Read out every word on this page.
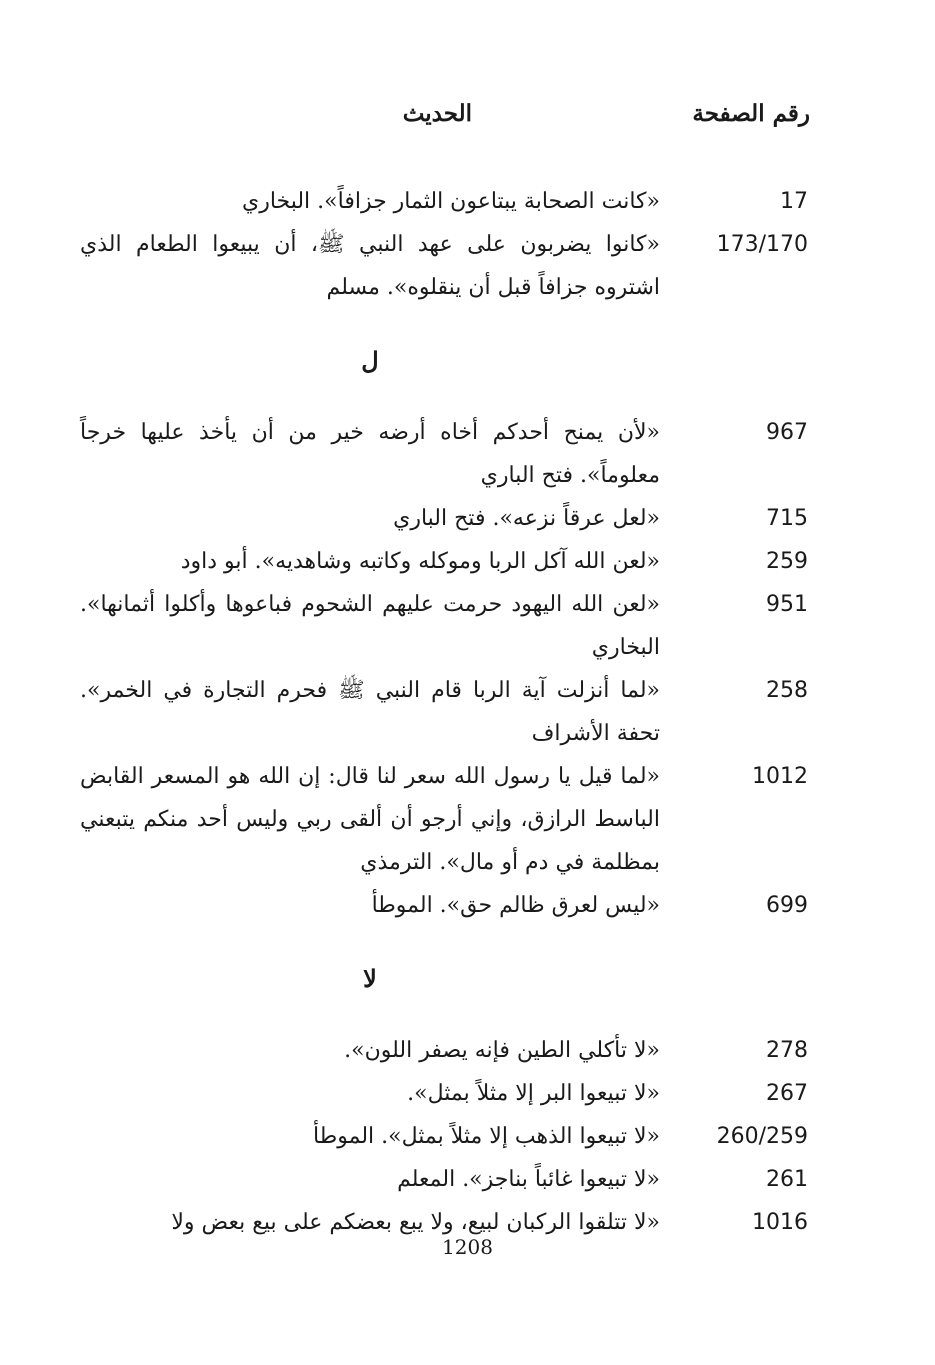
رقم الصفحة
الحديث
17
«كانت الصحابة يبتاعون الثمار جزافاً». البخاري
173/170
«كانوا يضربون على عهد النبي ﷺ، أن يبيعوا الطعام الذي اشتروه جزافاً قبل أن ينقلوه». مسلم
ل
967
«لأن يمنح أحدكم أخاه أرضه خير من أن يأخذ عليها خرجاً معلوماً». فتح الباري
715
«لعل عرقاً نزعه». فتح الباري
259
«لعن الله آكل الربا وموكله وكاتبه وشاهديه». أبو داود
951
«لعن الله اليهود حرمت عليهم الشحوم فباعوها وأكلوا أثمانها». البخاري
258
«لما أنزلت آية الربا قام النبي ﷺ فحرم التجارة في الخمر». تحفة الأشراف
1012
«لما قيل يا رسول الله سعر لنا قال: إن الله هو المسعر القابض الباسط الرازق، وإني أرجو أن ألقى ربي وليس أحد منكم يتبعني بمظلمة في دم أو مال». الترمذي
699
«ليس لعرق ظالم حق». الموطأ
لا
278
«لا تأكلي الطين فإنه يصفر اللون».
267
«لا تبيعوا البر إلا مثلاً بمثل».
260/259
«لا تبيعوا الذهب إلا مثلاً بمثل». الموطأ
261
«لا تبيعوا غائباً بناجز». المعلم
1016
«لا تتلقوا الركبان لبيع، ولا يبع بعضكم على بيع بعض ولا
1208
